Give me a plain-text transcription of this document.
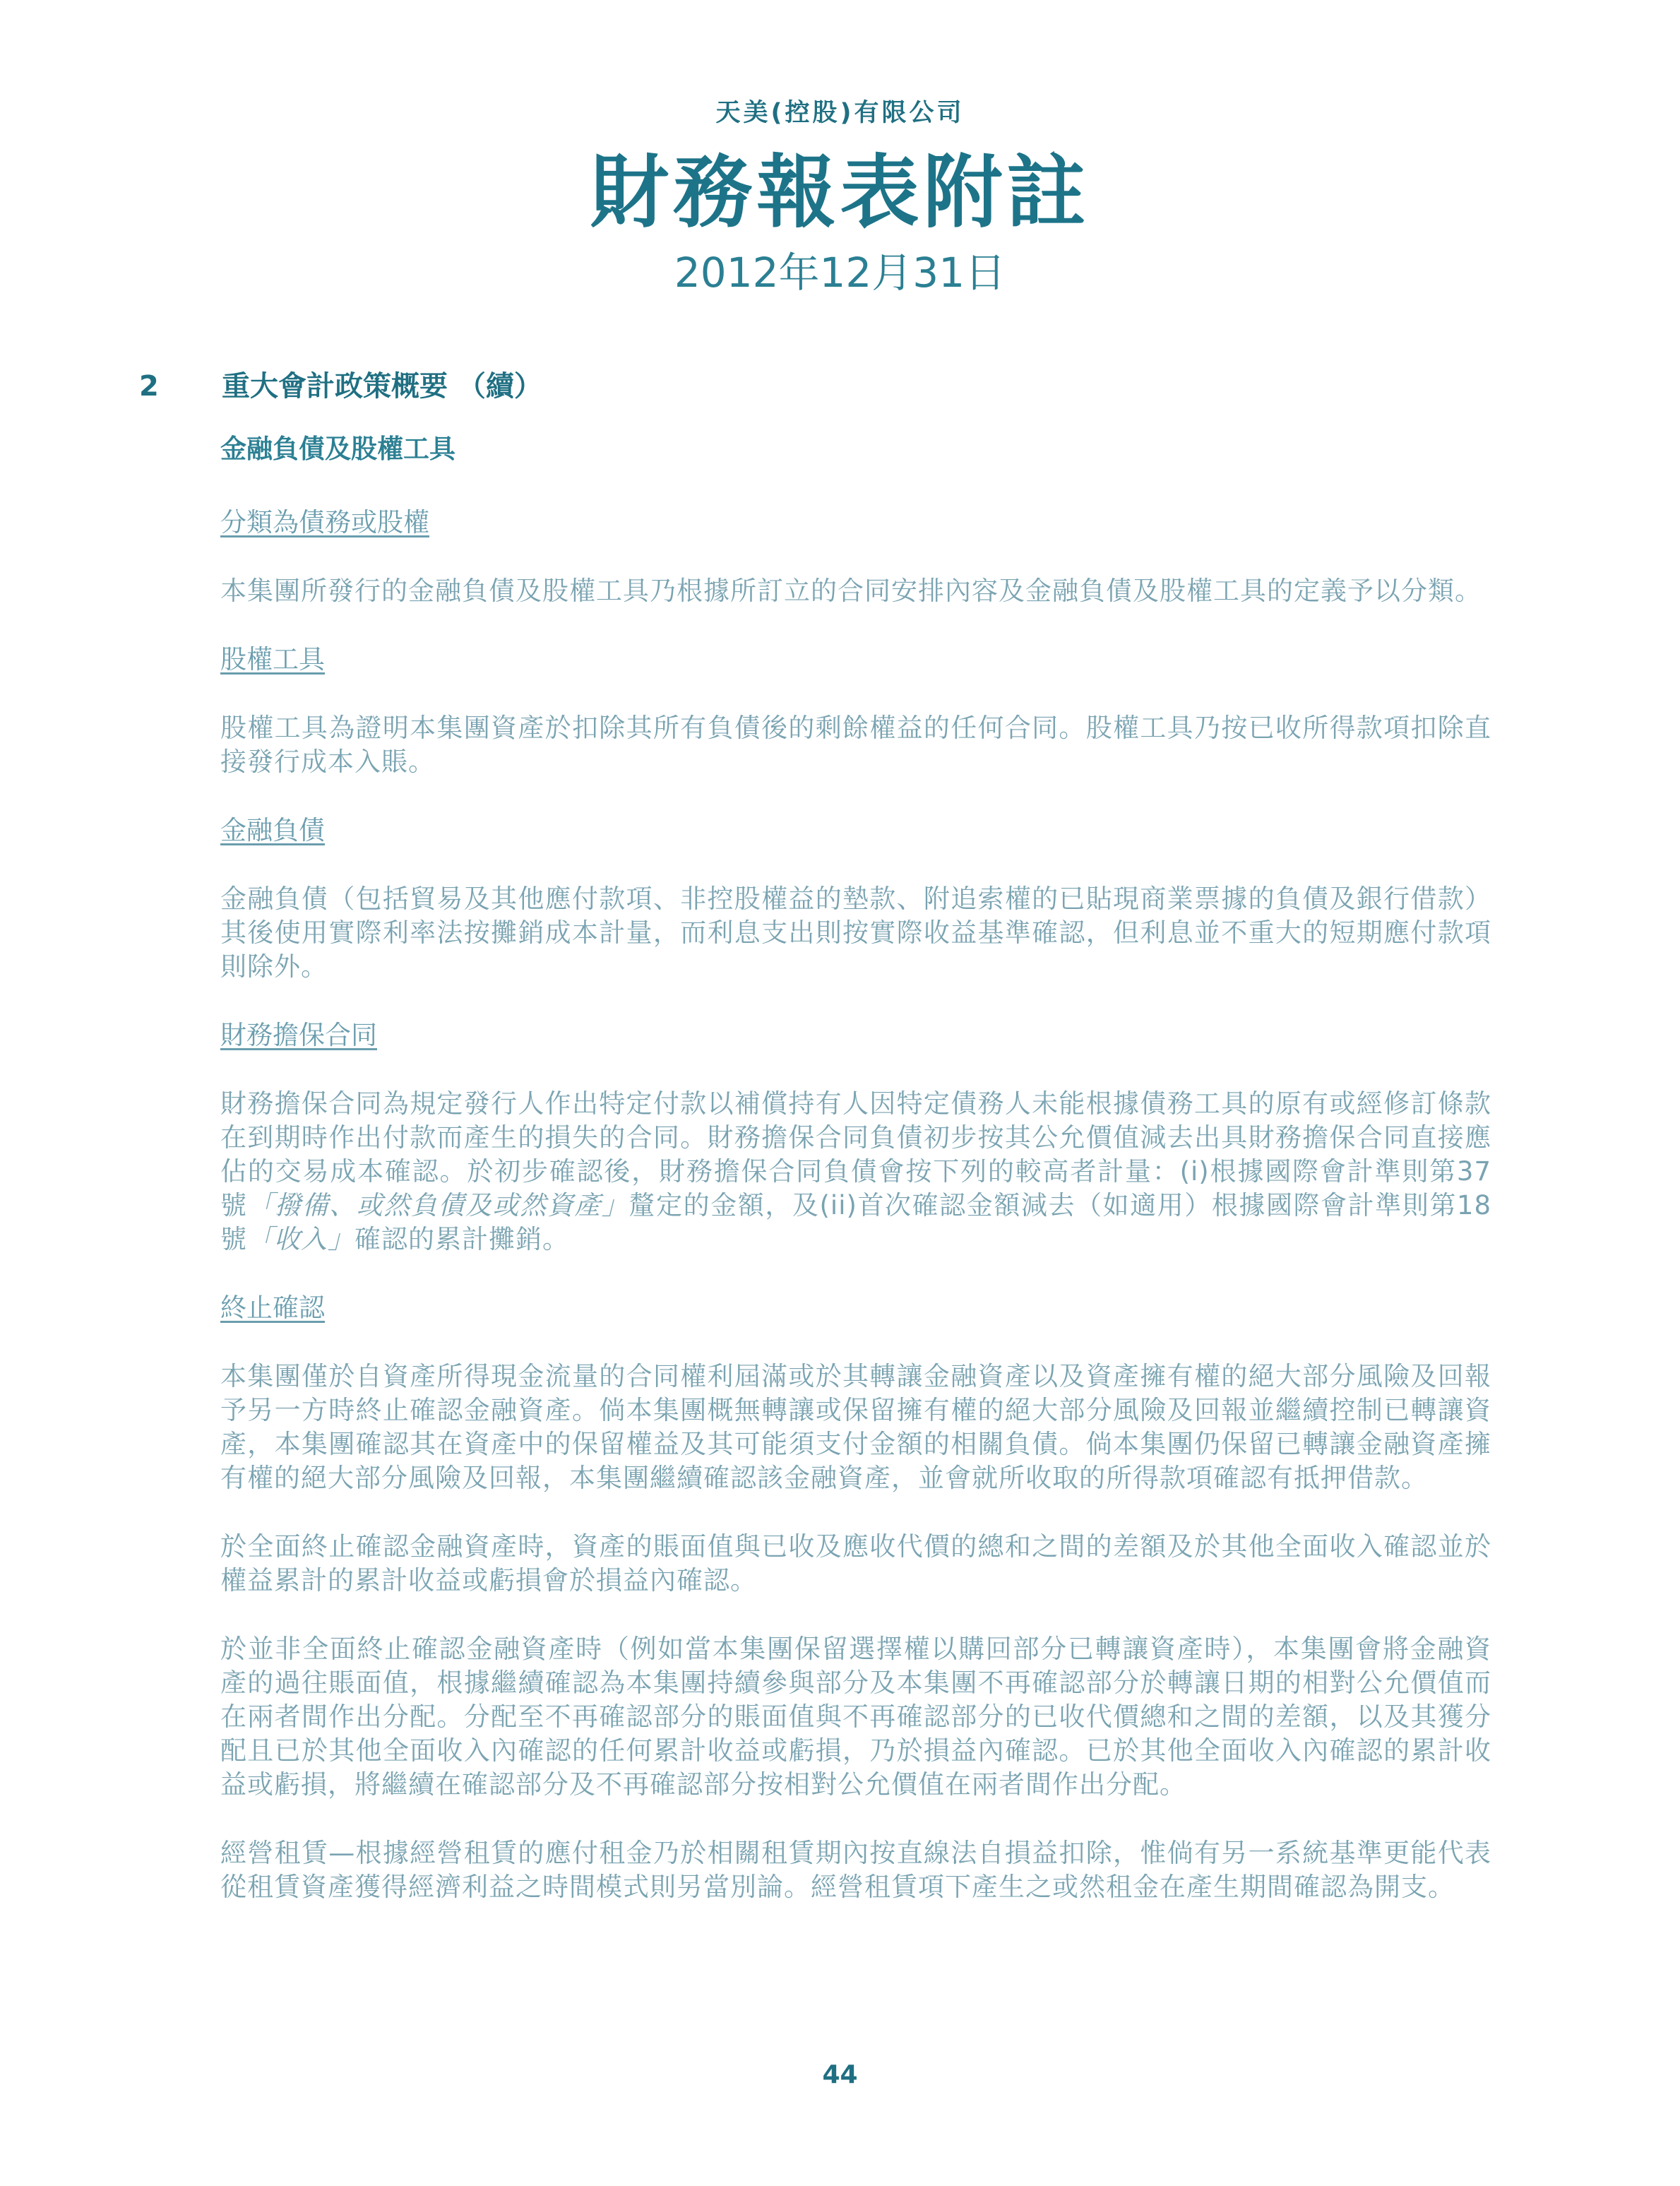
天美(控股)有限公司
財務報表附註
2012年12月31日
2 重大會計政策概要 （續）
金融負債及股權工具
分類為債務或股權

本集團所發行的金融負債及股權工具乃根據所訂立的合同安排內容及金融負債及股權工具的定義予以分類。

股權工具

股權工具為證明本集團資產於扣除其所有負債後的剩餘權益的任何合同。股權工具乃按已收所得款項扣除直接發行成本入賬。

金融負債

金融負債（包括貿易及其他應付款項、非控股權益的墊款、附追索權的已貼現商業票據的負債及銀行借款）其後使用實際利率法按攤銷成本計量，而利息支出則按實際收益基準確認，但利息並不重大的短期應付款項則除外。

財務擔保合同

財務擔保合同為規定發行人作出特定付款以補償持有人因特定債務人未能根據債務工具的原有或經修訂條款在到期時作出付款而產生的損失的合同。財務擔保合同負債初步按其公允價值減去出具財務擔保合同直接應佔的交易成本確認。於初步確認後，財務擔保合同負債會按下列的較高者計量：(i)根據國際會計準則第37號「撥備、或然負債及或然資產」釐定的金額，及(ii)首次確認金額減去（如適用）根據國際會計準則第18號「收入」確認的累計攤銷。

終止確認

本集團僅於自資產所得現金流量的合同權利屆滿或於其轉讓金融資產以及資產擁有權的絕大部分風險及回報予另一方時終止確認金融資產。倘本集團概無轉讓或保留擁有權的絕大部分風險及回報並繼續控制已轉讓資產，本集團確認其在資產中的保留權益及其可能須支付金額的相關負債。倘本集團仍保留已轉讓金融資產擁有權的絕大部分風險及回報，本集團繼續確認該金融資產，並會就所收取的所得款項確認有抵押借款。

於全面終止確認金融資產時，資產的賬面值與已收及應收代價的總和之間的差額及於其他全面收入確認並於權益累計的累計收益或虧損會於損益內確認。

於並非全面終止確認金融資產時（例如當本集團保留選擇權以購回部分已轉讓資產時），本集團會將金融資產的過往賬面值，根據繼續確認為本集團持續參與部分及本集團不再確認部分於轉讓日期的相對公允價值而在兩者間作出分配。分配至不再確認部分的賬面值與不再確認部分的已收代價總和之間的差額，以及其獲分配且已於其他全面收入內確認的任何累計收益或虧損，乃於損益內確認。已於其他全面收入內確認的累計收益或虧損，將繼續在確認部分及不再確認部分按相對公允價值在兩者間作出分配。

經營租賃—根據經營租賃的應付租金乃於相關租賃期內按直線法自損益扣除，惟倘有另一系統基準更能代表從租賃資產獲得經濟利益之時間模式則另當別論。經營租賃項下產生之或然租金在產生期間確認為開支。

44
